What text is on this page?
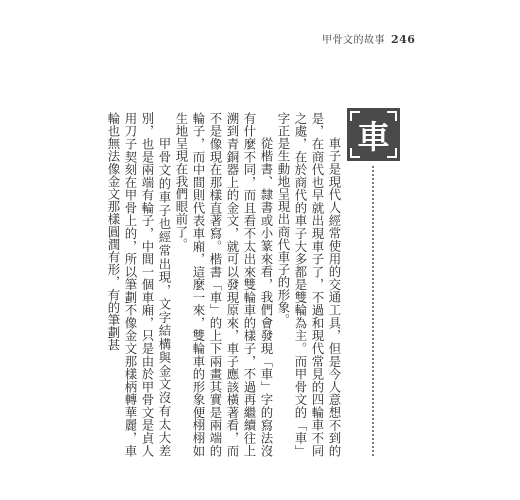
甲骨文的故事 246
車

車子是現代人經常使用的交通工具，但是今人意想不到的是，在商代也早就出現車子了，不過和現代常見的四輪車不同之處，在於商代的車子大多都是雙輪為主。而甲骨文的「車」字正是生動地呈現出商代車子的形象。

從楷書、隸書或小篆來看，我們會發現「車」字的寫法沒有什麼不同，而且看不太出來雙輪車的樣子，不過再繼續往上溯到青銅器上的金文，就可以發現原來，車子應該橫著看，而不是像現在那樣直著寫。楷書「車」的上下兩畫其實是兩端的輪子，而中間則代表車廂，這麼一來，雙輪車的形象便栩栩如生地呈現在我們眼前了。

甲骨文的車子也經常出現，文字結構與金文沒有太大差別，也是兩端有輪子，中間一個車廂，只是由於甲骨文是貞人用刀子契刻在甲骨上的，所以筆劃不像金文那樣柄轉華麗，車輪也無法像金文那樣圓潤有形，有的筆劃甚
